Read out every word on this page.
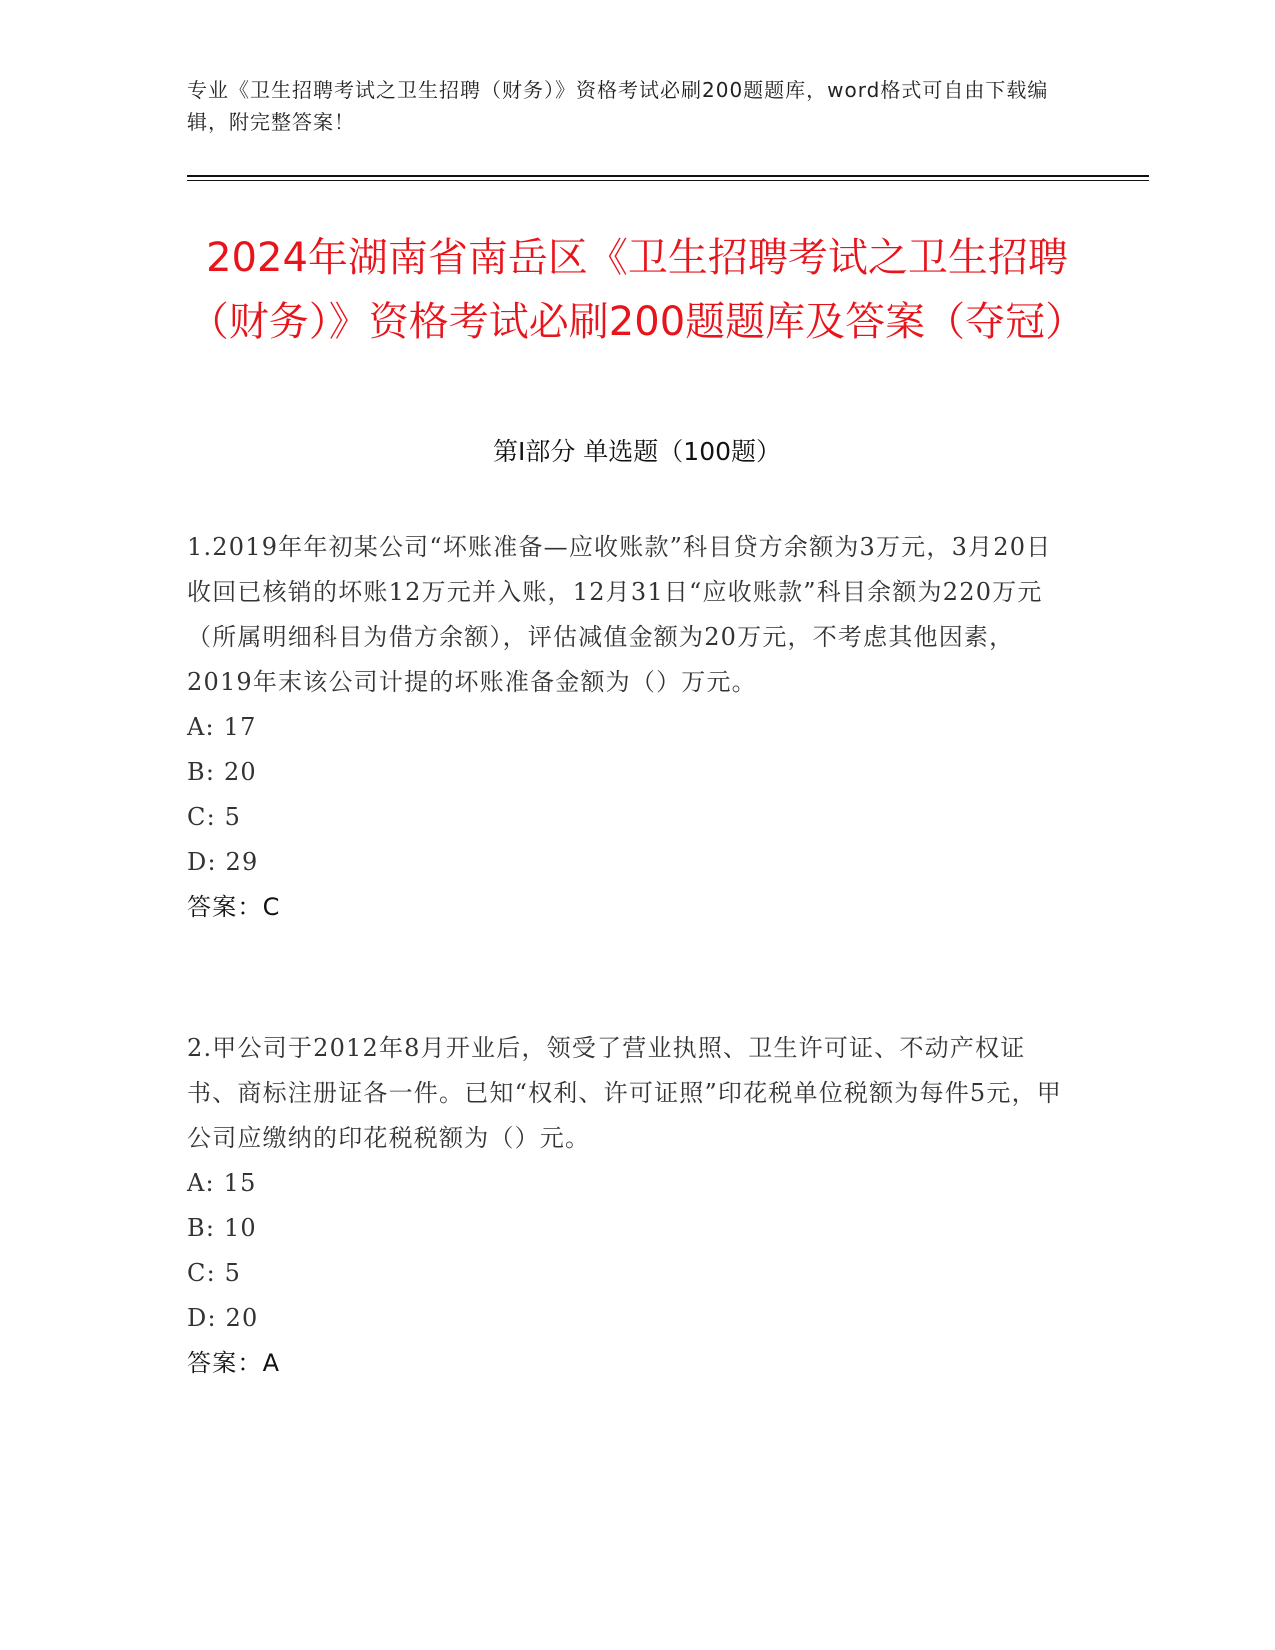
专业《卫生招聘考试之卫生招聘（财务）》资格考试必刷200题题库，word格式可自由下载编辑，附完整答案！
2024年湖南省南岳区《卫生招聘考试之卫生招聘（财务）》资格考试必刷200题题库及答案（夺冠）
第I部分 单选题（100题）

1.2019年年初某公司“坏账准备—应收账款”科目贷方余额为3万元，3月20日收回已核销的坏账12万元并入账，12月31日“应收账款”科目余额为220万元（所属明细科目为借方余额），评估减值金额为20万元，不考虑其他因素，2019年末该公司计提的坏账准备金额为（）万元。

A: 17

B: 20

C: 5

D: 29

答案：C

2.甲公司于2012年8月开业后，领受了营业执照、卫生许可证、不动产权证书、商标注册证各一件。已知“权利、许可证照”印花税单位税额为每件5元，甲公司应缴纳的印花税税额为（）元。

A: 15

B: 10

C: 5

D: 20

答案：A
